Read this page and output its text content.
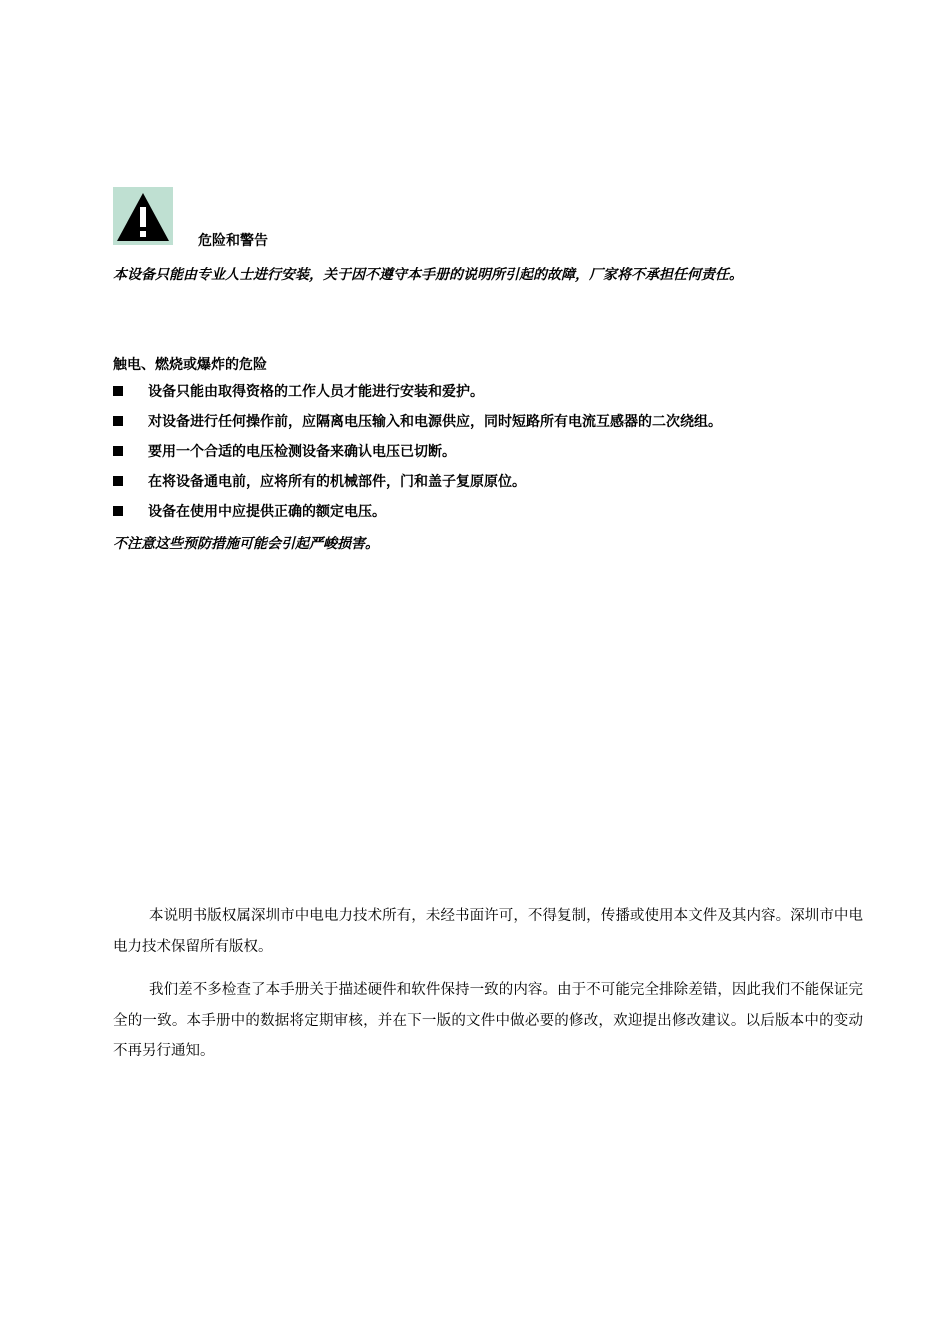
危险和警告
本设备只能由专业人士进行安装，关于因不遵守本手册的说明所引起的故障，厂家将不承担任何责任。
触电、燃烧或爆炸的危险
设备只能由取得资格的工作人员才能进行安装和爱护。
对设备进行任何操作前，应隔离电压输入和电源供应，同时短路所有电流互感器的二次绕组。
要用一个合适的电压检测设备来确认电压已切断。
在将设备通电前，应将所有的机械部件，门和盖子复原原位。
设备在使用中应提供正确的额定电压。
不注意这些预防措施可能会引起严峻损害。

本说明书版权属深圳市中电电力技术所有，未经书面许可，不得复制，传播或使用本文件及其内容。深圳市中电电力技术保留所有版权。

我们差不多检查了本手册关于描述硬件和软件保持一致的内容。由于不可能完全排除差错，因此我们不能保证完全的一致。本手册中的数据将定期审核，并在下一版的文件中做必要的修改，欢迎提出修改建议。以后版本中的变动不再另行通知。
